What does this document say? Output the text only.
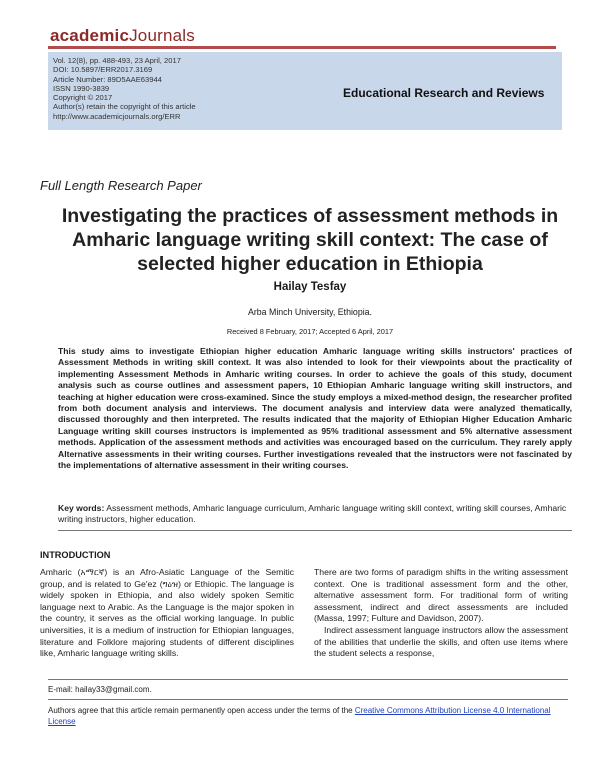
academicJournals
Vol. 12(8), pp. 488-493, 23 April, 2017
DOI: 10.5897/ERR2017.3169
Article Number: 89D5AAE63944
ISSN 1990-3839
Copyright © 2017
Author(s) retain the copyright of this article
http://www.academicjournals.org/ERR
Educational Research and Reviews
Full Length Research Paper
Investigating the practices of assessment methods in Amharic language writing skill context: The case of selected higher education in Ethiopia
Hailay Tesfay
Arba Minch University, Ethiopia.
Received 8 February, 2017; Accepted 6 April, 2017
This study aims to investigate Ethiopian higher education Amharic language writing skills instructors' practices of Assessment Methods in writing skill context. It was also intended to look for their viewpoints about the practicality of implementing Assessment Methods in Amharic writing courses. In order to achieve the goals of this study, document analysis such as course outlines and assessment papers, 10 Ethiopian Amharic language writing skill instructors, and teaching at higher education were cross-examined. Since the study employs a mixed-method design, the researcher profited from both document analysis and interviews. The document analysis and interview data were analyzed thematically, discussed thoroughly and then interpreted. The results indicated that the majority of Ethiopian Higher Education Amharic Language writing skill courses instructors is implemented as 95% traditional assessment and 5% alternative assessment methods. Application of the assessment methods and activities was encouraged based on the curriculum. They rarely apply Alternative assessments in their writing courses. Further investigations revealed that the instructors were not fascinated by the implementations of alternative assessment in their writing courses.
Key words: Assessment methods, Amharic language curriculum, Amharic language writing skill context, writing skill courses, Amharic writing instructors, higher education.
INTRODUCTION

Amharic (አማርኛ) is an Afro-Asiatic Language of the Semitic group, and is related to Ge'ez (ግዕዝ) or Ethiopic. The language is widely spoken in Ethiopia, and also widely spoken Semitic language next to Arabic. As the Language is the major spoken in the country, it serves as the official working language. In public universities, it is a medium of instruction for Ethiopian languages, literature and Folklore majoring students of different disciplines like, Amharic language writing skills.

There are two forms of paradigm shifts in the writing assessment context. One is traditional assessment form and the other, alternative assessment form. For traditional form of writing assessment, indirect and direct assessments are included (Massa, 1997; Fulture and Davidson, 2007).

Indirect assessment language instructors allow the assessment of the abilities that underlie the skills, and often use items where the student selects a response,

E-mail: hailay33@gmail.com.
Authors agree that this article remain permanently open access under the terms of the Creative Commons Attribution License 4.0 International License
